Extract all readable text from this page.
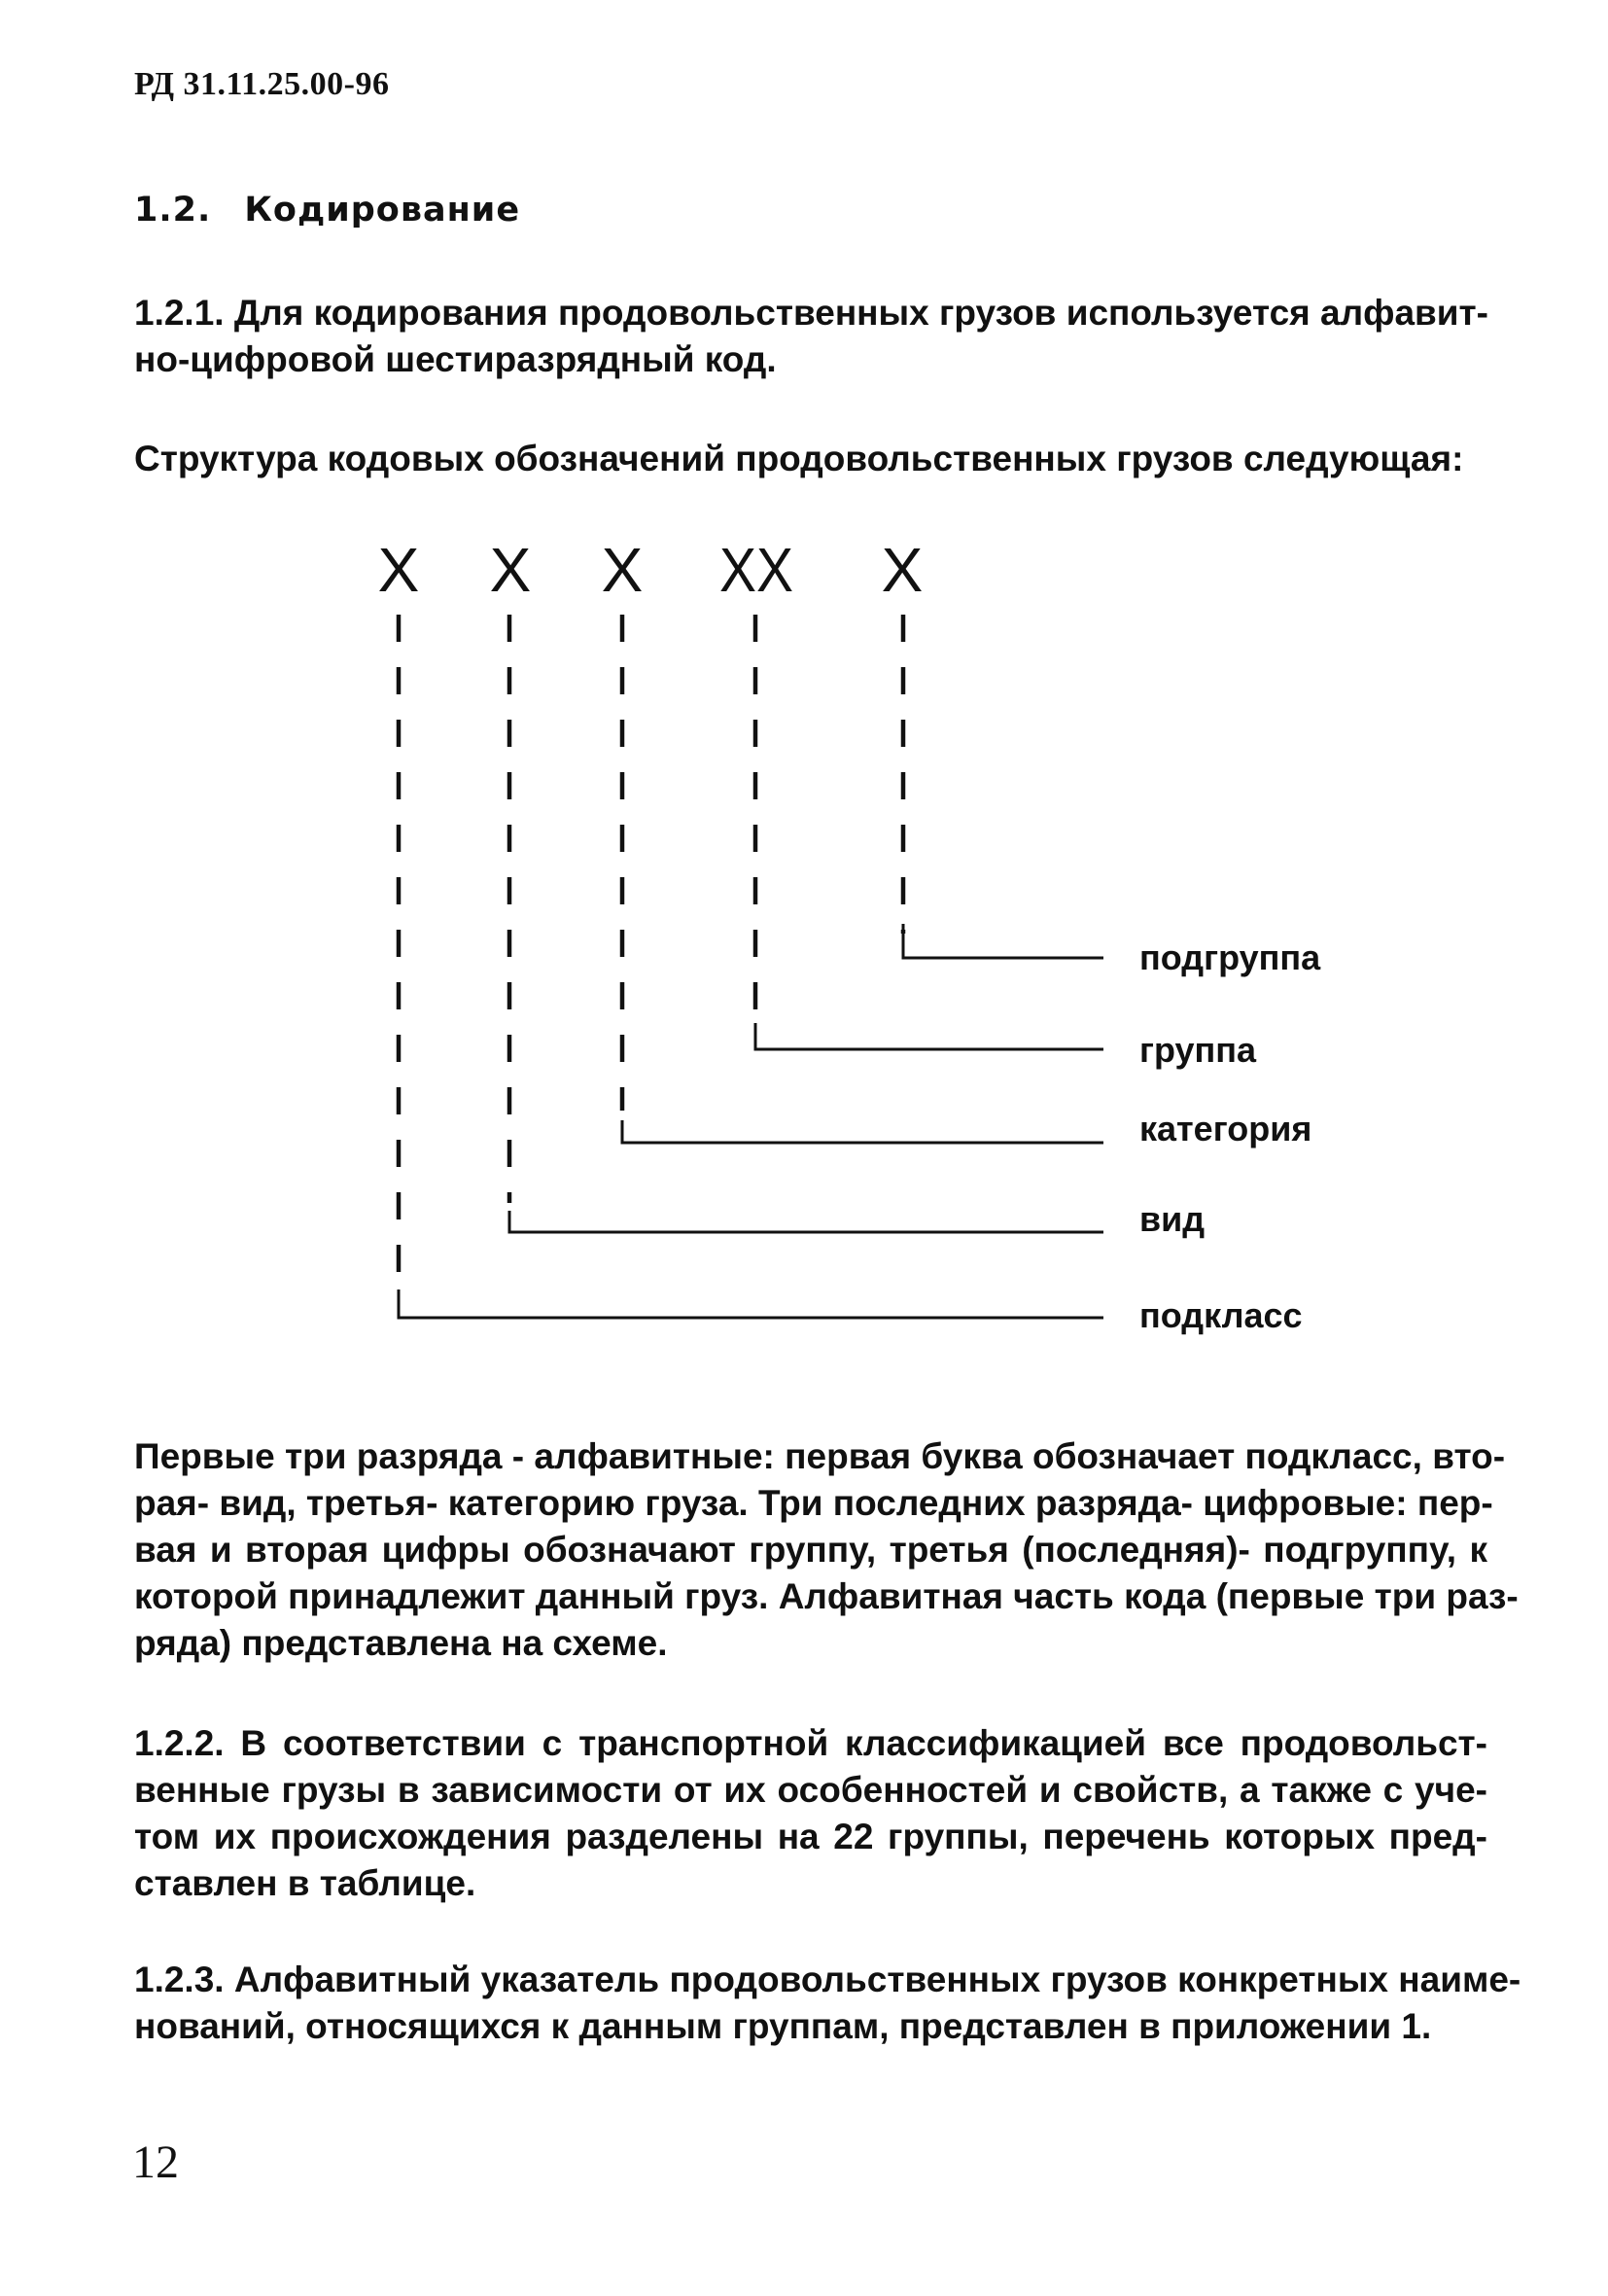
РД 31.11.25.00-96
1.2. Кодирование
1.2.1. Для кодирования продовольственных грузов используется алфавит-
но-цифровой шестиразрядный код.
Структура кодовых обозначений продовольственных грузов следующая:
X X X XX X
подгруппа
группа
категория
вид
подкласс
Первые три разряда - алфавитные: первая буква обозначает подкласс, вто-
рая- вид, третья- категорию груза. Три последних разряда- цифровые: пер-
вая и вторая цифры обозначают группу, третья (последняя)- подгруппу, к
которой принадлежит данный груз. Алфавитная часть кода (первые три раз-
ряда) представлена на схеме.
1.2.2. В соответствии с транспортной классификацией все продовольст-
венные грузы в зависимости от их особенностей и свойств, а также с уче-
том их происхождения разделены на 22 группы, перечень которых пред-
ставлен в таблице.
1.2.3. Алфавитный указатель продовольственных грузов конкретных наиме-
нований, относящихся к данным группам, представлен в приложении 1.
12
